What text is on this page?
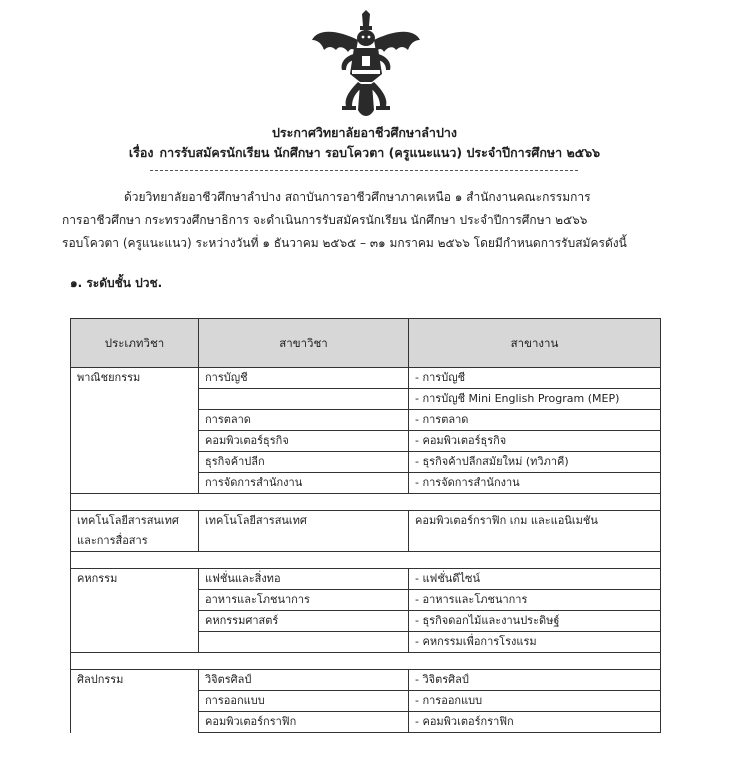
ประกาศวิทยาลัยอาชีวศึกษาลำปาง
เรื่อง การรับสมัครนักเรียน นักศึกษา รอบโควตา (ครูแนะแนว) ประจำปีการศึกษา ๒๕๖๖
ด้วยวิทยาลัยอาชีวศึกษาลำปาง สถาบันการอาชีวศึกษาภาคเหนือ ๑ สำนักงานคณะกรรมการ
การอาชีวศึกษา กระทรวงศึกษาธิการ จะดำเนินการรับสมัครนักเรียน นักศึกษา ประจำปีการศึกษา ๒๕๖๖
รอบโควตา (ครูแนะแนว) ระหว่างวันที่ ๑ ธันวาคม ๒๕๖๕ – ๓๑ มกราคม ๒๕๖๖ โดยมีกำหนดการรับสมัครดังนี้
๑. ระดับชั้น ปวช.
ประเภทวิชา	สาขาวิชา	สาขางาน
พาณิชยกรรม	การบัญชี	- การบัญชี
		- การบัญชี Mini English Program (MEP)
	การตลาด	- การตลาด
	คอมพิวเตอร์ธุรกิจ	- คอมพิวเตอร์ธุรกิจ
	ธุรกิจค้าปลีก	- ธุรกิจค้าปลีกสมัยใหม่ (ทวิภาคี)
	การจัดการสำนักงาน	- การจัดการสำนักงาน

เทคโนโลยีสารสนเทศและการสื่อสาร	เทคโนโลยีสารสนเทศ	คอมพิวเตอร์กราฟิก เกม และแอนิเมชัน

คหกรรม	แฟชั่นและสิ่งทอ	- แฟชั่นดีไซน์
	อาหารและโภชนาการ	- อาหารและโภชนาการ
	คหกรรมศาสตร์	- ธุรกิจดอกไม้และงานประดิษฐ์
		- คหกรรมเพื่อการโรงแรม

ศิลปกรรม	วิจิตรศิลป์	- วิจิตรศิลป์
	การออกแบบ	- การออกแบบ
	คอมพิวเตอร์กราฟิก	- คอมพิวเตอร์กราฟิก
